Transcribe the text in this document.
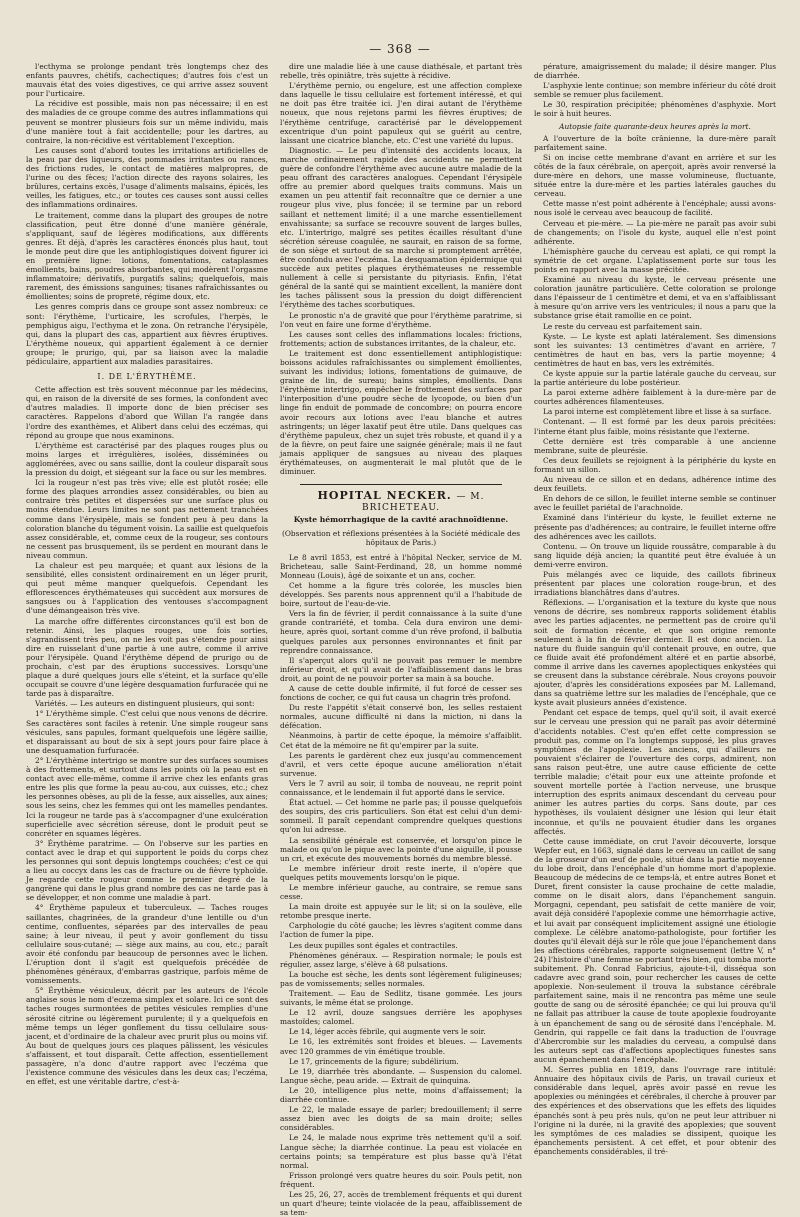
— 368 —

l'ecthyma se prolonge pendant très longtemps chez des enfants pauvres, chétifs, cachectiques; d'autres fois c'est un mauvais état des voies digestives, ce qui arrive assez souvent pour l'urticaire.

La récidive est possible, mais non pas nécessaire; il en est des maladies de ce groupe comme des autres inflammations qui peuvent se montrer plusieurs fois sur un même individu, mais d'une manière tout à fait accidentelle; pour les dartres, au contraire, la non-récidive est véritablement l'exception.

Les causes sont d'abord toutes les irritations artificielles de la peau par des liqueurs, des pommades irritantes ou rances, des frictions rudes, le contact de matières malpropres, de l'urine ou des fèces; l'action directe des rayons solaires, les brûlures, certains excès, l'usage d'aliments malsains, épicés, les veilles, les fatigues, etc.; or toutes ces causes sont aussi celles des inflammations ordinaires.

Le traitement, comme dans la plupart des groupes de notre classification, peut être donné d'une manière générale, s'appliquant, sauf de légères modifications, aux différents genres. Et déjà, d'après les caractères énoncés plus haut, tout le monde peut dire que les antiphlogistiques doivent figurer ici en première ligne: lotions, fomentations, cataplasmes émollients, bains, poudres absorbantes, qui modèrent l'orgasme inflammatoire; dérivatifs, purgatifs salins; quelquefois, mais rarement, des émissions sanguines; tisanes rafraîchissantes ou émollientes; soins de propreté, régime doux, etc.

Les genres compris dans ce groupe sont assez nombreux: ce sont: l'érythème, l'urticaire, les scrofules, l'herpès, le pemphigus aigu, l'ecthyma et le zona. On retranche l'érysipèle, qui, dans la plupart des cas, appartient aux fièvres éruptives. L'érythème noueux, qui appartient également à ce dernier groupe; le prurigo, qui, par sa liaison avec la maladie pédiculaire, appartient aux maladies parasitaires.

I. DE L'ÉRYTHÈME.

Cette affection est très souvent méconnue par les médecins, qui, en raison de la diversité de ses formes, la confondent avec d'autres maladies. Il importe donc de bien préciser ses caractères. Rappelons d'abord que Willan l'a rangée dans l'ordre des exanthèmes, et Alibert dans celui des eczémas, qui répond au groupe que nous examinons.

L'érythème est caractérisé par des plaques rouges plus ou moins larges et irrégulières, isolées, disséminées ou agglomérées, avec ou sans saillie, dont la couleur disparaît sous la pression du doigt, et siégeant sur la face ou sur les membres.

Ici la rougeur n'est pas très vive; elle est plutôt rosée; elle forme des plaques arrondies assez considérables, ou bien au contraire très petites et dispersées sur une surface plus ou moins étendue. Leurs limites ne sont pas nettement tranchées comme dans l'érysipèle, mais se fondent peu à peu dans la coloration blanche du tégument voisin. La saillie est quelquefois assez considérable, et, comme ceux de la rougeur, ses contours ne cessent pas brusquement, ils se perdent en mourant dans le niveau commun.

La chaleur est peu marquée; et quant aux lésions de la sensibilité, elles consistent ordinairement en un léger prurit, qui peut même manquer quelquefois. Cependant les efflorescences érythémateuses qui succèdent aux morsures de sangsues ou à l'application des ventouses s'accompagnent d'une démangeaison très vive.

La marche offre différentes circonstances qu'il est bon de retenir. Ainsi, les plaques rouges, une fois sorties, s'agrandissent très peu, on ne les voit pas s'étendre pour ainsi dire en ruisselant d'une partie à une autre, comme il arrive pour l'érysipèle. Quand l'érythème dépend de prurigo ou de prochain, c'est par des éruptions successives. Lorsqu'une plaque a duré quelques jours elle s'éteint, et la surface qu'elle occupait se couvre d'une légère desquamation furfuracée qui ne tarde pas à disparaître.

Variétés. — Les auteurs en distinguent plusieurs, qui sont:

1° L'érythème simple. C'est celui que nous venons de décrire. Ses caractères sont faciles à retenir. Une simple rougeur sans vésicules, sans papules, formant quelquefois une légère saillie, et disparaissant au bout de six à sept jours pour faire place à une desquamation furfuracée.

2° L'érythème intertrigo se montre sur des surfaces soumises à des frottements, et surtout dans les points où la peau est en contact avec elle-même, comme il arrive chez les enfants gras entre les plis que forme la peau au-cou, aux cuisses, etc.; chez les personnes obèses, au pli de la fesse, aux aisselles, aux aines; sous les seins, chez les femmes qui ont les mamelles pendantes. Ici la rougeur ne tarde pas à s'accompagner d'une exulcération superficielle avec sécrétion séreuse, dont le produit peut se concréter en squames légères.

3° Érythème paratrime. — On l'observe sur les parties en contact avec le drap et qui supportent le poids du corps chez les personnes qui sont depuis longtemps couchées; c'est ce qui a lieu au coccyx dans les cas de fracture ou de fièvre typhoïde. Je regarde cette rougeur comme le premier degré de la gangrène qui dans le plus grand nombre des cas ne tarde pas à se développer, et non comme une maladie à part.

4° Érythème papuleux et tuberculeux. — Taches rouges saillantes, chagrinées, de la grandeur d'une lentille ou d'un centime, confluentes, séparées par des intervalles de peau saine; à leur niveau, il peut y avoir gonflement du tissu cellulaire sous-cutané; — siège aux mains, au cou, etc.; paraît avoir été confondu par beaucoup de personnes avec le lichen. L'éruption dont il s'agit est quelquefois précédée de phénomènes généraux, d'embarras gastrique, parfois même de vomissements.

5° Érythème vésiculeux, décrit par les auteurs de l'école anglaise sous le nom d'eczema simplex et solare. Ici ce sont des taches rouges surmontées de petites vésicules remplies d'une sérosité citrine ou légèrement purulente; il y a quelquefois en même temps un léger gonflement du tissu cellulaire sous-jacent, et d'ordinaire de la chaleur avec prurit plus ou moins vif. Au bout de quelques jours ces plaques pâlissent, les vésicules s'affaissent, et tout disparaît. Cette affection, essentiellement passagère, n'a donc d'autre rapport avec l'eczéma que l'existence commune des vésicules dans les deux cas; l'eczéma, en effet, est une véritable dartre, c'est-à-

dire une maladie liée à une cause diathésale, et partant très rebelle, très opiniâtre, très sujette à récidive.

L'érythème pernio, ou engelure, est une affection complexe dans laquelle le tissu cellulaire est fortement intéressé, et qui ne doit pas être traitée ici. J'en dirai autant de l'érythème noueux, que nous rejetons parmi les fièvres éruptives; de l'érythème centrifuge, caractérisé par le développement excentrique d'un point papuleux qui se guérit au centre, laissant une cicatrice blanche, etc. C'est une variété du lupus.

Diagnostic. — Le peu d'intensité des accidents locaux, la marche ordinairement rapide des accidents ne permettent guère de confondre l'érythème avec aucune autre maladie de la peau offrant des caractères analogues. Cependant l'érysipèle offre au premier abord quelques traits communs. Mais un examen un peu attentif fait reconnaître que ce dernier a une rougeur plus vive, plus foncée; il se termine par un rebord saillant et nettement limité; il a une marche essentiellement envahissante; sa surface se recouvre souvent de larges bulles, etc. L'intertrigo, malgré ses petites écailles résultant d'une sécrétion séreuse coagulée, ne saurait, en raison de sa forme, de son siège et surtout de sa marche si promptement arrêtée, être confondu avec l'eczéma. La desquamation épidermique qui succède aux petites plaques érythémateuses ne ressemble nullement à celle si persistante du pityriasis. Enfin, l'état général de la santé qui se maintient excellent, la manière dont les taches pâlissent sous la pression du doigt diffèrencient l'érythème des taches scorbutiques.

Le pronostic n'a de gravité que pour l'érythème paratrime, si l'on veut en faire une forme d'érythème.

Les causes sont celles des inflammations locales: frictions, frottements; action de substances irritantes, de la chaleur, etc.

Le traitement est donc essentiellement antiphlogistique: boissons acidules rafraîchissantes ou simplement émollientes, suivant les individus; lotions, fomentations de guimauve, de graine de lin, de sureau; bains simples, émollients. Dans l'érythème intertrigo, empêcher le frottement des surfaces par l'interposition d'une poudre sèche de lycopode, ou bien d'un linge fin enduit de pommade de concombre; on pourra encore avoir recours aux lotions avec l'eau blanche et autres astringents; un léger laxatif peut être utile. Dans quelques cas d'érythème papuleux, chez un sujet très robuste, et quand il y a de la fièvre, on peut faire une saignée générale; mais il ne faut jamais appliquer de sangsues au niveau des plaques érythémateuses, on augmenterait le mal plutôt que de le diminuer.

HOPITAL NECKER. — M. BRICHETEAU.
Kyste hémorrhagique de la cavité arachnoïdienne.
(Observation et réflexions présentées à la Société médicale des hôpitaux de Paris.)

Le 8 avril 1853, est entré à l'hôpital Necker, service de M. Bricheteau, salle Saint-Ferdinand, 28, un homme nommé Monneau (Louis), âgé de soixante et un ans, cocher.

Cet homme a la figure très colorée, les muscles bien développés. Ses parents nous apprennent qu'il a l'habitude de boire, surtout de l'eau-de-vie.

Vers la fin de février, il perdit connaissance à la suite d'une grande contrariété, et tomba. Cela dura environ une demi-heure, après quoi, sortant comme d'un rêve profond, il balbutia quelques paroles aux personnes environnantes et finit par reprendre connaissance.

Il s'aperçut alors qu'il ne pouvait pas remuer le membre inférieur droit, et qu'il avait de l'affaiblissement dans le bras droit, au point de ne pouvoir porter sa main à sa bouche.

A cause de cette double infirmité, il fut forcé de cesser ses fonctions de cocher, ce qui fut causa un chagrin très profond.

Du reste l'appétit s'était conservé bon, les selles restaient normales, aucune difficulté ni dans la miction, ni dans la défécation.

Néanmoins, à partir de cette époque, la mémoire s'affaiblit. Cet état de la mémoire ne fit qu'empirer par la suite.

Les parents le gardèrent chez eux jusqu'au commencement d'avril, et vers cette époque aucune amélioration n'était survenue.

Vers le 7 avril au soir, il tomba de nouveau, ne reprit point connaissance, et le lendemain il fut apporté dans le service.

État actuel. — Cet homme ne parle pas; il pousse quelquefois des soupirs, des cris particuliers. Son état est celui d'un demi-sommeil. Il paraît cependant comprendre quelques questions qu'on lui adresse.

La sensibilité générale est conservée, et lorsqu'on pince le malade ou qu'on le pique avec la pointe d'une aiguille, il pousse un cri, et exécute des mouvements bornés du membre blessé.

Le membre inférieur droit reste inerte, il n'opère que quelques petits mouvements lorsqu'on le pique.

Le membre inférieur gauche, au contraire, se remue sans cesse.

La main droite est appuyée sur le lit; si on la soulève, elle retombe presque inerte.

Carphologie du côté gauche; les lèvres s'agitent comme dans l'action de fumer la pipe.

Les deux pupilles sont égales et contractiles.

Phénomènes généraux. — Respiration normale; le pouls est régulier, assez large, s'élève à 68 pulsations.

La bouche est sèche, les dents sont légèrement fuligineuses; pas de vomissements; selles normales.

Traitement. — Eau de Sedlitz, tisane gommée. Les jours suivants, le même état se prolonge.

Le 12 avril, douze sangsues derrière les apophyses mastoïdes; calomel.

Le 14, léger accès fébrile, qui augmente vers le soir.

Le 16, les extrémités sont froides et bleues. — Lavements avec 120 grammes de vin émétique trouble.

Le 17, grincements de la figure; subdélirium.

Le 19, diarrhée très abondante. — Suspension du calomel. Langue sèche, peau aride. — Extrait de quinquina.

Le 20, intelligence plus nette, moins d'affaissement; la diarrhée continue.

Le 22, le malade essaye de parler; bredouillement; il serre assez bien avec les doigts de sa main droite; selles considérables.

Le 24, le malade nous exprime très nettement qu'il a soif. Langue sèche; la diarrhée continue. La peau est violacée en certains points; sa température est plus basse qu'à l'état normal.

Frisson prolongé vers quatre heures du soir. Pouls petit, non fréquent.

Les 25, 26, 27, accès de tremblement fréquents et qui durent un quart d'heure; teinte violacée de la peau, affaiblissement de sa tem-

pérature, amaigrissement du malade; il désire manger. Plus de diarrhée.

L'asphyxie lente continue; son membre inférieur du côté droit semble se remuer plus facilement.

Le 30, respiration précipitée; phénomènes d'asphyxie. Mort le soir à huit heures.

Autopsie faite quarante-deux heures après la mort.

A l'ouverture de la boîte crânienne, la dure-mère paraît parfaitement saine.

Si on incise cette membrane d'avant en arrière et sur les côtés de la faux cérébrale, on aperçoit, après avoir renversé la dure-mère en dehors, une masse volumineuse, fluctuante, située entre la dure-mère et les parties latérales gauches du cerveau.

Cette masse n'est point adhérente à l'encéphale; aussi avons-nous isolé le cerveau avec beaucoup de facilité.

Cerveau et pie-mère. — La pie-mère ne paraît pas avoir subi de changements; on l'isole du kyste, auquel elle n'est point adhérente.

L'hémisphère gauche du cerveau est aplati, ce qui rompt la symétrie de cet organe. L'aplatissement porte sur tous les points en rapport avec la masse précitée.

Examiné au niveau du kyste, le cerveau présente une coloration jaunâtre particulière. Cette coloration se prolonge dans l'épaisseur de 1 centimètre et demi, et va en s'affaiblissant à mesure qu'on arrive vers les ventricules; il nous a paru que la substance grise était ramollie en ce point.

Le reste du cerveau est parfaitement sain.

Kyste. — Le kyste est aplati latéralement. Ses dimensions sont les suivantes: 13 centimètres d'avant en arrière, 7 centimètres de haut en bas, vers la partie moyenne; 4 centimètres de haut en bas, vers les extrémités.

Ce kyste appuie sur la partie latérale gauche du cerveau, sur la partie antérieure du lobe postérieur.

La paroi externe adhère faiblement à la dure-mère par de courtes adhérences filamenteuses.

La paroi interne est complètement libre et lisse à sa surface.

Contenant. — Il est formé par les deux parois précitées: l'interne étant plus faible, moins résistante que l'externe.

Cette dernière est très comparable à une ancienne membrane, suite de pleurésie.

Ces deux feuillets se rejoignent à la périphérie du kyste en formant un sillon.

Au niveau de ce sillon et en dedans, adhérence intime des deux feuillets.

En dehors de ce sillon, le feuillet interne semble se continuer avec le feuillet pariétal de l'arachnoïde.

Examiné dans l'intérieur du kyste, le feuillet externe ne présente pas d'adhérences; au contraire, le feuillet interne offre des adhérences avec les caillots.

Contenu. — On trouve un liquide roussâtre, comparable à du sang liquide déjà ancien; la quantité peut être évaluée à un demi-verre environ.

Puis mélangés avec ce liquide, des caillots fibrineux présentent par places une coloration rouge-brun, et des irradiations blanchâtres dans d'autres.

Réflexions. — L'organisation et la texture du kyste que nous venons de décrire, ses nombreux rapports solidement établis avec les parties adjacentes, ne permettent pas de croire qu'il soit de formation récente, et que son origine remonte seulement à la fin de février dernier. Il est donc ancien. La nature du fluide sanguin qu'il contenait prouve, en outre, que ce fluide avait été profondément altéré et en partie absorbé, comme il arrive dans les cavernes apoplectiques enkystées qui se creusent dans la substance cérébrale. Nous croyons pouvoir ajouter, d'après les considérations exposées par M. Lallemand, dans sa quatrième lettre sur les maladies de l'encéphale, que ce kyste avait plusieurs années d'existence.

Pendant cet espace de temps, quel qu'il soit, il avait exercé sur le cerveau une pression qui ne paraît pas avoir déterminé d'accidents notables. C'est qu'en effet cette compression se produit pas, comme on l'a longtemps supposé, les plus graves symptômes de l'apoplexie. Les anciens, qui d'ailleurs ne pouvaient s'éclairer de l'ouverture des corps, admirent, non sans raison peut-être, une autre cause efficiente de cette terrible maladie; c'était pour eux une atteinte profonde et souvent mortelle portée à l'action nerveuse, une brusque interruption des esprits animaux descendant du cerveau pour animer les autres parties du corps. Sans doute, par ces hypothèses, ils voulaient désigner une lésion qui leur était inconnue, et qu'ils ne pouvaient étudier dans les organes affectés.

Cette cause immédiate, on crut l'avoir découverte, lorsque Wepfer eut, en 1663, signalé dans le cerveau un caillot de sang de la grosseur d'un œuf de poule, situé dans la partie moyenne du lobe droit, dans l'encéphale d'un homme mort d'apoplexie. Beaucoup de médecins de ce temps-là, et entre autres Bonet et Duret, firent consister la cause prochaine de cette maladie, comme on le disait alors, dans l'épanchement sanguin. Morgagni, cependant, peu satisfait de cette manière de voir, avait déjà considéré l'apoplexie comme une hémorrhagie active, et lui avait par conséquent implicitement assigné une étiologie complexe. Le célèbre anatomo-pathologiste, pour fortifier les doutes qu'il élevait déjà sur le rôle que joue l'épanchement dans les affections cérébrales, rapporte soigneusement (lettre V, n° 24) l'histoire d'une femme se portant très bien, qui tomba morte subitement. Ph. Conrad Fabricius, ajoute-t-il, disséqua son cadavre avec grand soin, pour rechercher les causes de cette apoplexie. Non-seulement il trouva la substance cérébrale parfaitement saine, mais il ne rencontra pas même une seule goutte de sang ou de sérosité épanchée; ce qui lui prouva qu'il ne fallait pas attribuer la cause de toute apoplexie foudroyante à un épanchement de sang ou de sérosité dans l'encéphale. M. Gendrin, qui rappelle ce fait dans la traduction de l'ouvrage d'Abercrombie sur les maladies du cerveau, a compulsé dans les auteurs sept cas d'affections apoplectiques funestes sans aucun épanchement dans l'encéphale.

M. Serres publia en 1819, dans l'ouvrage rare intitulé: Annuaire des hôpitaux civils de Paris, un travail curieux et considérable dans lequel, après avoir passé en revue les apoplexies ou méningées et cérébrales, il cherche à prouver par des expériences et des observations que les effets des liquides épanchés sont à peu près nuls, qu'on ne peut leur attribuer ni l'origine ni la durée, ni la gravité des apoplexies; que souvent les symptômes de ces maladies se dissipent, quoique les épanchements persistent. A cet effet, et pour obtenir des épanchements considérables, il tré-
